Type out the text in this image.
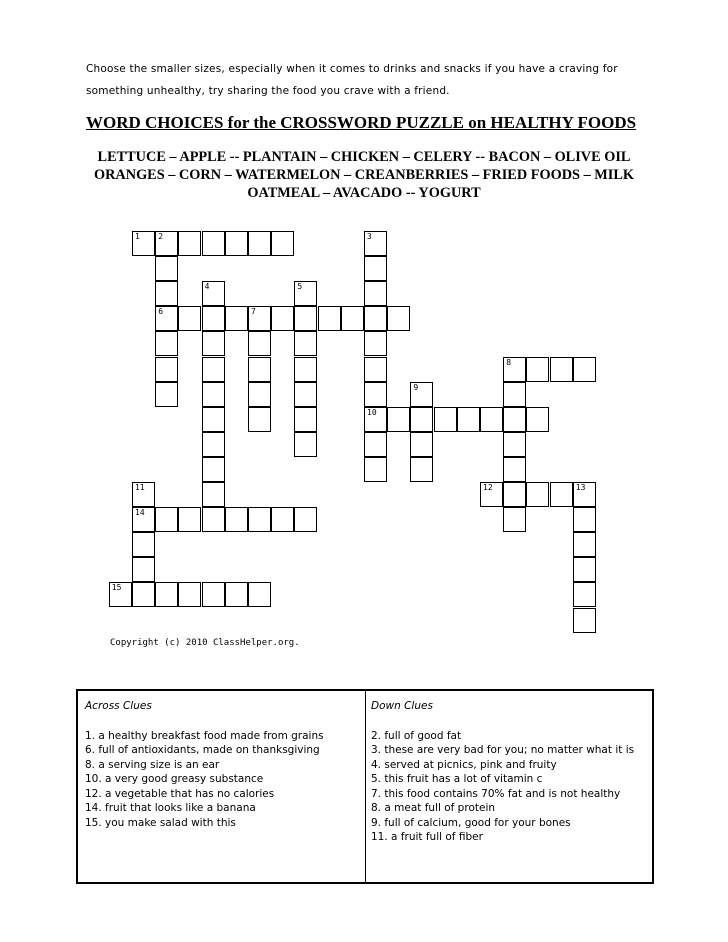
Choose the smaller sizes, especially when it comes to drinks and snacks if you have a craving for
something unhealthy, try sharing the food you crave with a friend.
WORD CHOICES for the CROSSWORD PUZZLE on HEALTHY FOODS
LETTUCE – APPLE -- PLANTAIN – CHICKEN – CELERY -- BACON – OLIVE OIL
ORANGES – CORN – WATERMELON – CREANBERRIES – FRIED FOODS – MILK
OATMEAL – AVACADO -- YOGURT
1 2	3
4	5
6	7
8
9
10
11	12	13
14
15
Copyright (c) 2010 ClassHelper.org.
Across Clues
1. a healthy breakfast food made from grains
6. full of antioxidants, made on thanksgiving
8. a serving size is an ear
10. a very good greasy substance
12. a vegetable that has no calories
14. fruit that looks like a banana
15. you make salad with this
Down Clues
2. full of good fat
3. these are very bad for you; no matter what it is
4. served at picnics, pink and fruity
5. this fruit has a lot of vitamin c
7. this food contains 70% fat and is not healthy
8. a meat full of protein
9. full of calcium, good for your bones
11. a fruit full of fiber
